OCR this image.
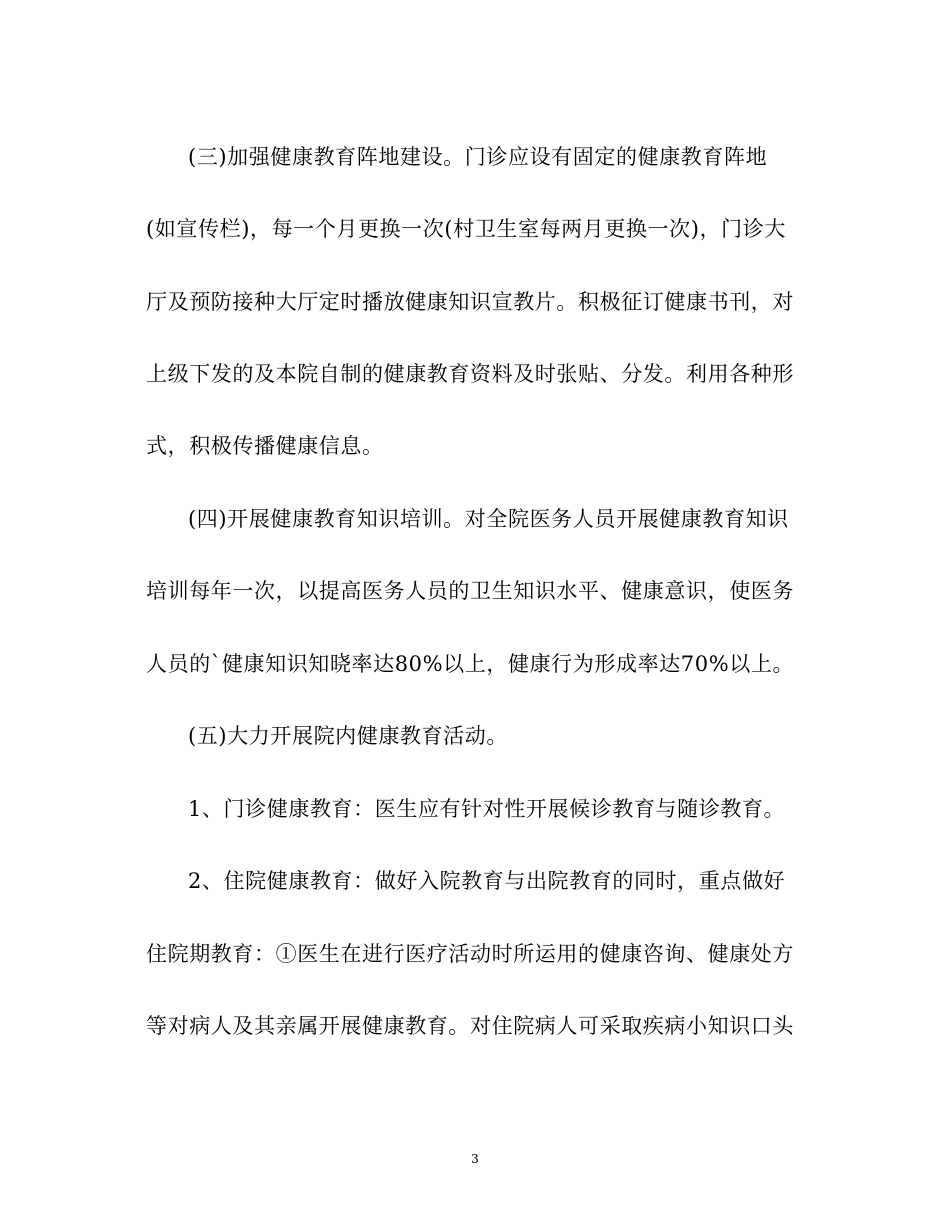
(三)加强健康教育阵地建设。门诊应设有固定的健康教育阵地
(如宣传栏)，每一个月更换一次(村卫生室每两月更换一次)，门诊大
厅及预防接种大厅定时播放健康知识宣教片。积极征订健康书刊，对
上级下发的及本院自制的健康教育资料及时张贴、分发。利用各种形
式，积极传播健康信息。
(四)开展健康教育知识培训。对全院医务人员开展健康教育知识
培训每年一次，以提高医务人员的卫生知识水平、健康意识，使医务
人员的`健康知识知晓率达80%以上，健康行为形成率达70%以上。
(五)大力开展院内健康教育活动。
1、门诊健康教育：医生应有针对性开展候诊教育与随诊教育。
2、住院健康教育：做好入院教育与出院教育的同时，重点做好
住院期教育：①医生在进行医疗活动时所运用的健康咨询、健康处方
等对病人及其亲属开展健康教育。对住院病人可采取疾病小知识口头
3
